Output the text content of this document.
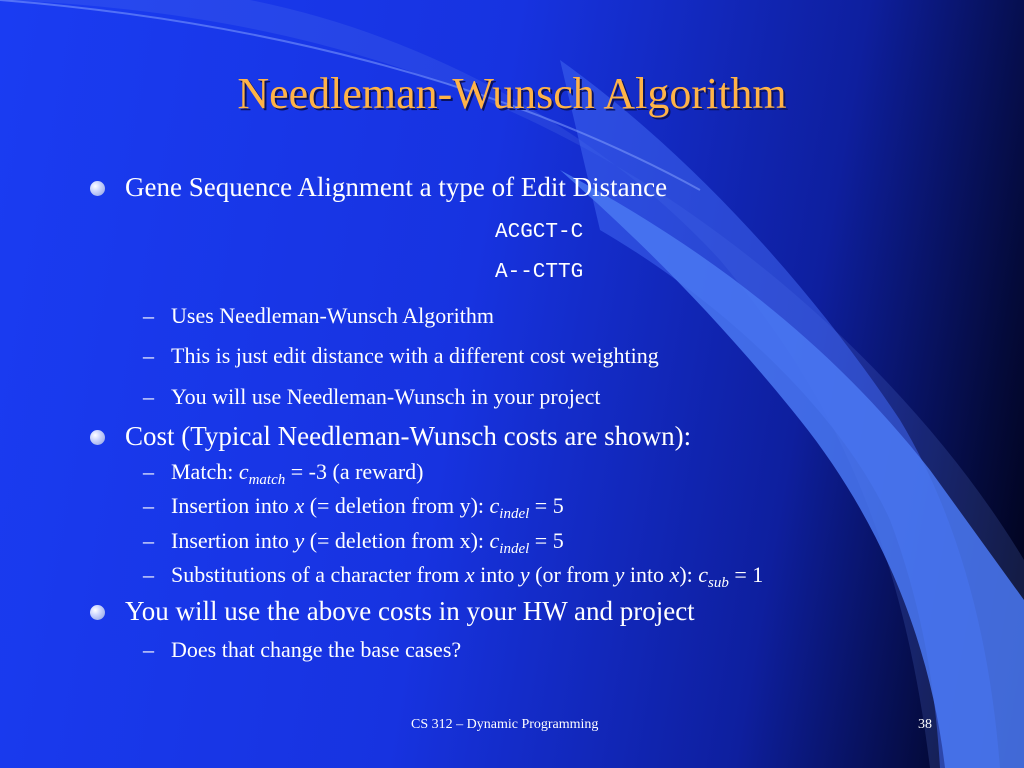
Needleman-Wunsch Algorithm
Gene Sequence Alignment a type of Edit Distance
ACGCT-C
A--CTTG
– Uses Needleman-Wunsch Algorithm
– This is just edit distance with a different cost weighting
– You will use Needleman-Wunsch in your project
Cost (Typical Needleman-Wunsch costs are shown):
– Match: $c_{match} = -3$ (a reward)
– Insertion into x (= deletion from y): $c_{indel} = 5$
– Insertion into y (= deletion from x): $c_{indel} = 5$
– Substitutions of a character from x into y (or from y into x): $c_{sub} = 1$
You will use the above costs in your HW and project
– Does that change the base cases?
CS 312 – Dynamic Programming	38
